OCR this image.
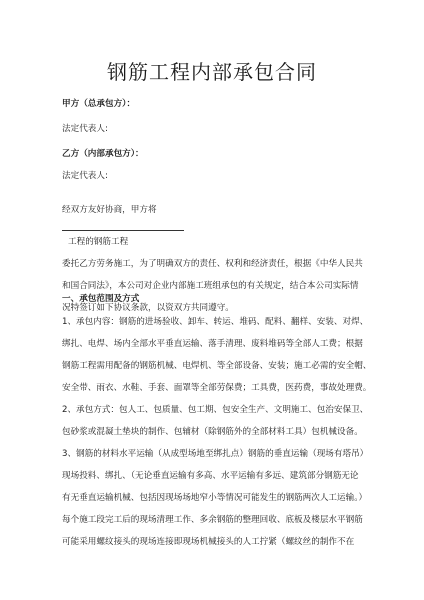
钢筋工程内部承包合同

甲方（总承包方）：

法定代表人:

乙方（内部承包方）：

法定代表人:

经双方友好协商，甲方将
工程的钢筋工程
委托乙方劳务施工，为了明确双方的责任、权利和经济责任，根据《中华人民共
和国合同法》，本公司对企业内部施工班组承包的有关规定，结合本公司实际情
况特签订如下协议条款，以资双方共同遵守。

一、承包范围及方式

1、承包内容：钢筋的进场验收、卸车、转运、堆码、配料、翻样、安装、对焊、
绑扎、电焊、场内全部水平垂直运输、落手清理、废料堆码等全部人工费；根据
钢筋工程需用配备的钢筋机械、电焊机、等全部设备、安装；施工必需的安全帽、
安全带、雨衣、水鞋、手套、面罩等全部劳保费；工具费，医药费，事故处理费。
2、承包方式：包人工、包质量、包工期、包安全生产、文明施工、包治安保卫、
包砂浆或混凝土垫块的制作、包辅材（除钢筋外的全部材料工具）包机械设备。
3、钢筋的材料水平运输（从成型场地至绑扎点）钢筋的垂直运输（现场有塔吊）
现场投料、绑扎、（无论垂直运输有多高、水平运输有多远、建筑部分钢筋无论
有无垂直运输机械、包括因现场场地窄小等情况可能发生的钢筋两次人工运输。）
每个施工段完工后的现场清理工作、多余钢筋的整理回收、底板及楼层水平钢筋
可能采用螺纹接头的现场连接即现场机械接头的人工拧紧（螺纹丝的制作不在
